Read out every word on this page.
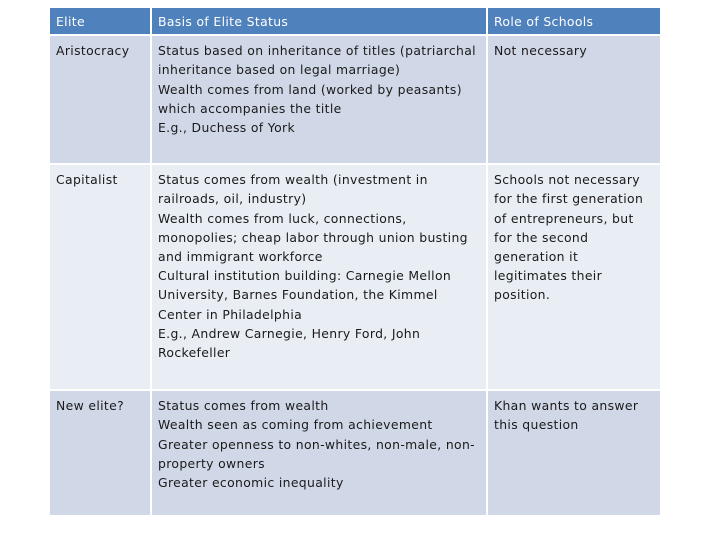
Elite	Basis of Elite Status	Role of Schools
Aristocracy	Status based on inheritance of titles (patriarchal inheritance based on legal marriage)
Wealth comes from land (worked by peasants) which accompanies the title
E.g., Duchess of York	Not necessary
Capitalist	Status comes from wealth (investment in railroads, oil, industry)
Wealth comes from luck, connections, monopolies; cheap labor through union busting and immigrant workforce
Cultural institution building: Carnegie Mellon University, Barnes Foundation, the Kimmel Center in Philadelphia
E.g., Andrew Carnegie, Henry Ford, John Rockefeller	Schools not necessary for the first generation of entrepreneurs, but for the second generation it legitimates their position.
New elite?	Status comes from wealth
Wealth seen as coming from achievement
Greater openness to non-whites, non-male, non-property owners
Greater economic inequality	Khan wants to answer this question
